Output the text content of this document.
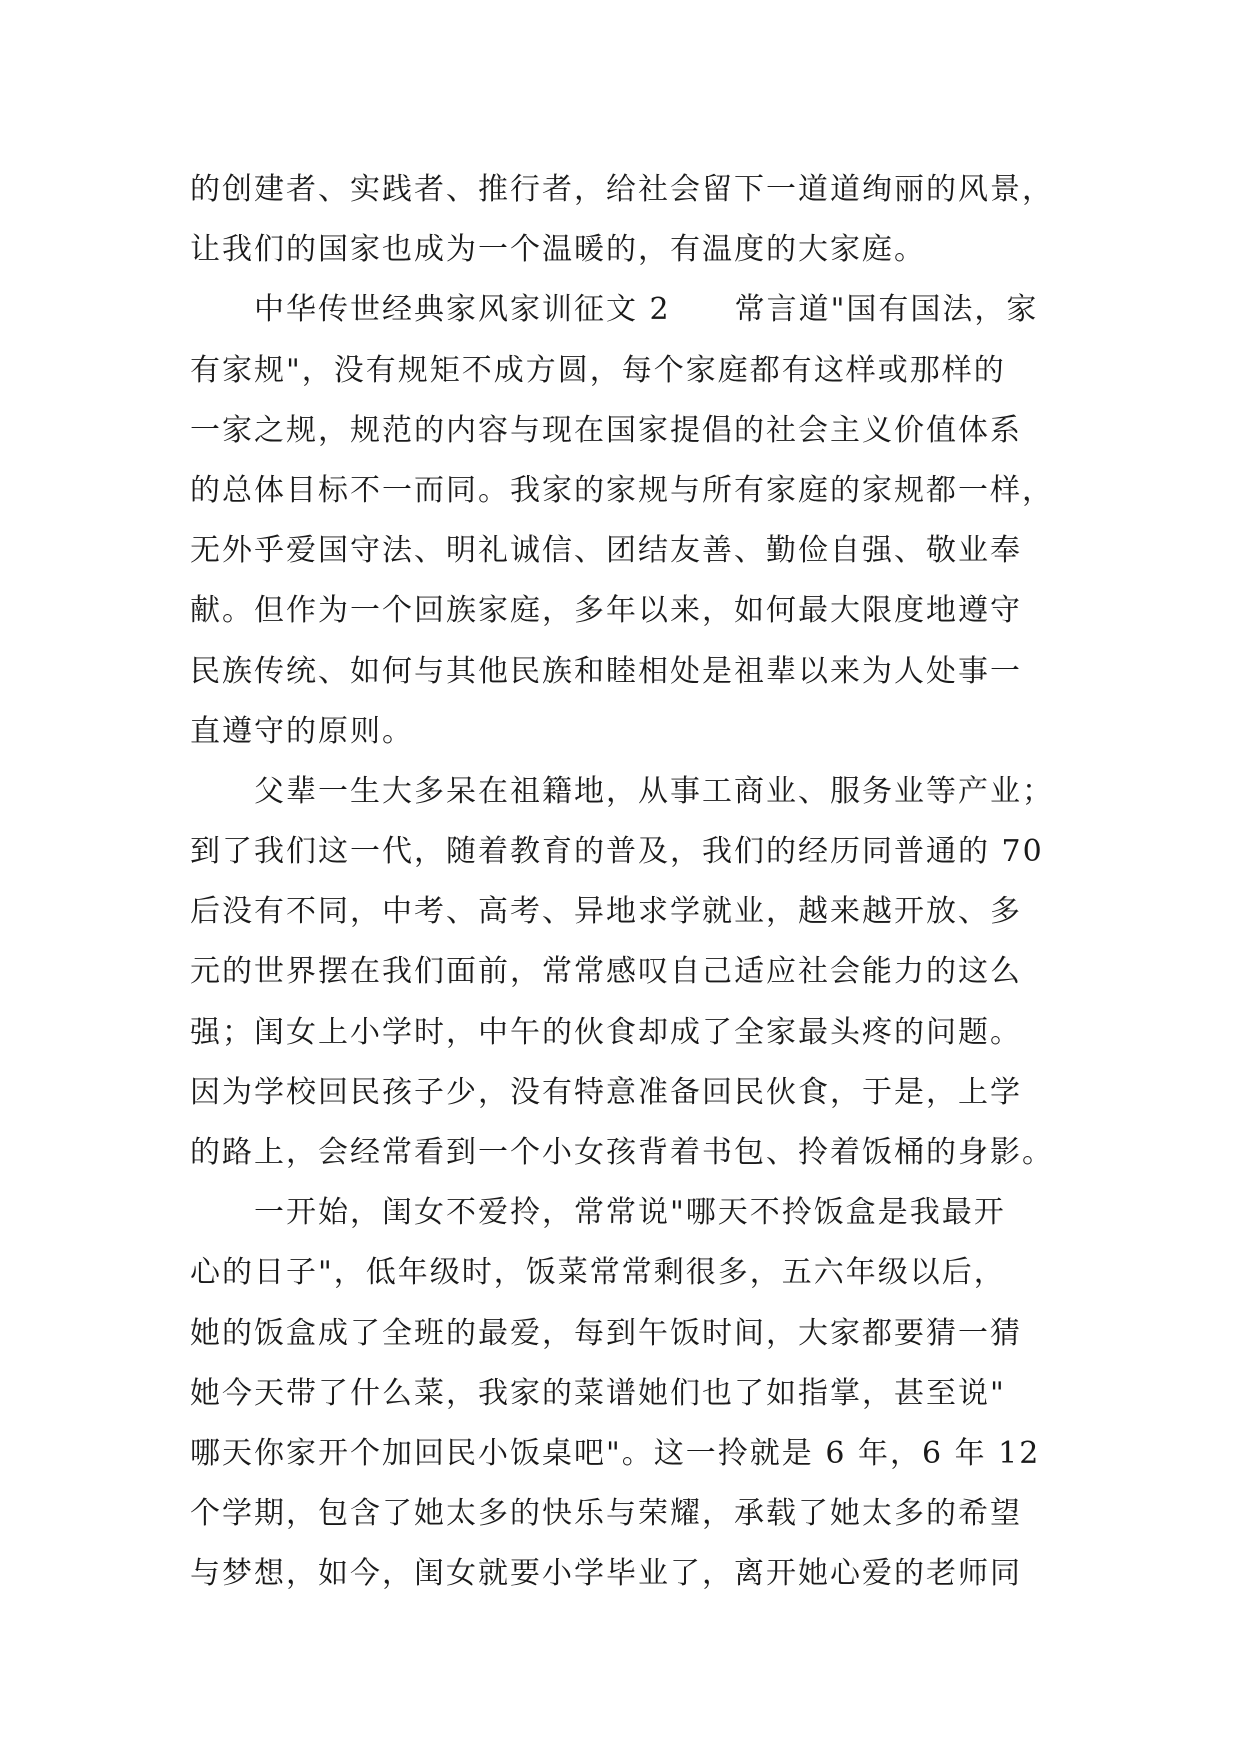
的创建者、实践者、推行者，给社会留下一道道绚丽的风景，
让我们的国家也成为一个温暖的，有温度的大家庭。
　　中华传世经典家风家训征文 2　　常言道"国有国法，家
有家规"，没有规矩不成方圆，每个家庭都有这样或那样的
一家之规，规范的内容与现在国家提倡的社会主义价值体系
的总体目标不一而同。我家的家规与所有家庭的家规都一样，
无外乎爱国守法、明礼诚信、团结友善、勤俭自强、敬业奉
献。但作为一个回族家庭，多年以来，如何最大限度地遵守
民族传统、如何与其他民族和睦相处是祖辈以来为人处事一
直遵守的原则。
　　父辈一生大多呆在祖籍地，从事工商业、服务业等产业；
到了我们这一代，随着教育的普及，我们的经历同普通的 70
后没有不同，中考、高考、异地求学就业，越来越开放、多
元的世界摆在我们面前，常常感叹自己适应社会能力的这么
强；闺女上小学时，中午的伙食却成了全家最头疼的问题。
因为学校回民孩子少，没有特意准备回民伙食，于是，上学
的路上，会经常看到一个小女孩背着书包、拎着饭桶的身影。
　　一开始，闺女不爱拎，常常说"哪天不拎饭盒是我最开
心的日子"，低年级时，饭菜常常剩很多，五六年级以后，
她的饭盒成了全班的最爱，每到午饭时间，大家都要猜一猜
她今天带了什么菜，我家的菜谱她们也了如指掌，甚至说"
哪天你家开个加回民小饭桌吧"。这一拎就是 6 年，6 年 12
个学期，包含了她太多的快乐与荣耀，承载了她太多的希望
与梦想，如今，闺女就要小学毕业了，离开她心爱的老师同
